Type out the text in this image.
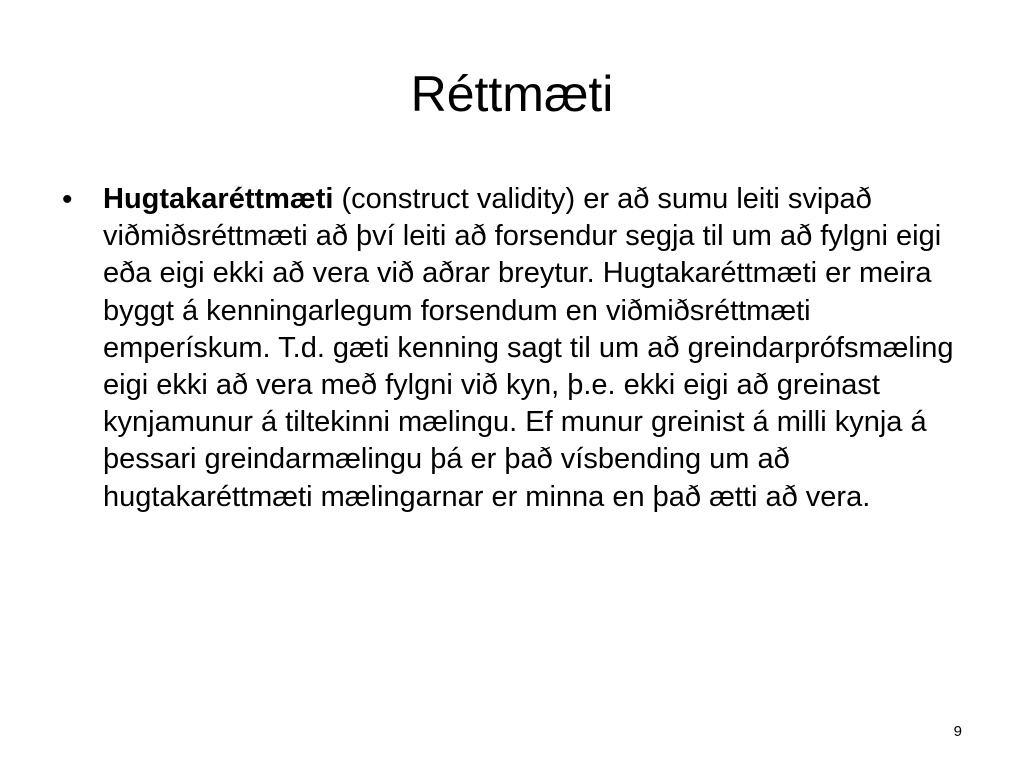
Réttmæti
•	Hugtakaréttmæti (construct validity) er að sumu leiti svipað viðmiðsréttmæti að því leiti að forsendur segja til um að fylgni eigi eða eigi ekki að vera við aðrar breytur. Hugtakaréttmæti er meira byggt á kenningarlegum forsendum en viðmiðsréttmæti emperískum. T.d. gæti kenning sagt til um að greindarprófsmæling eigi ekki að vera með fylgni við kyn, þ.e. ekki eigi að greinast kynjamunur á tiltekinni mælingu. Ef munur greinist á milli kynja á þessari greindarmælingu þá er það vísbending um að hugtakaréttmæti mælingarnar er minna en það ætti að vera.
9
